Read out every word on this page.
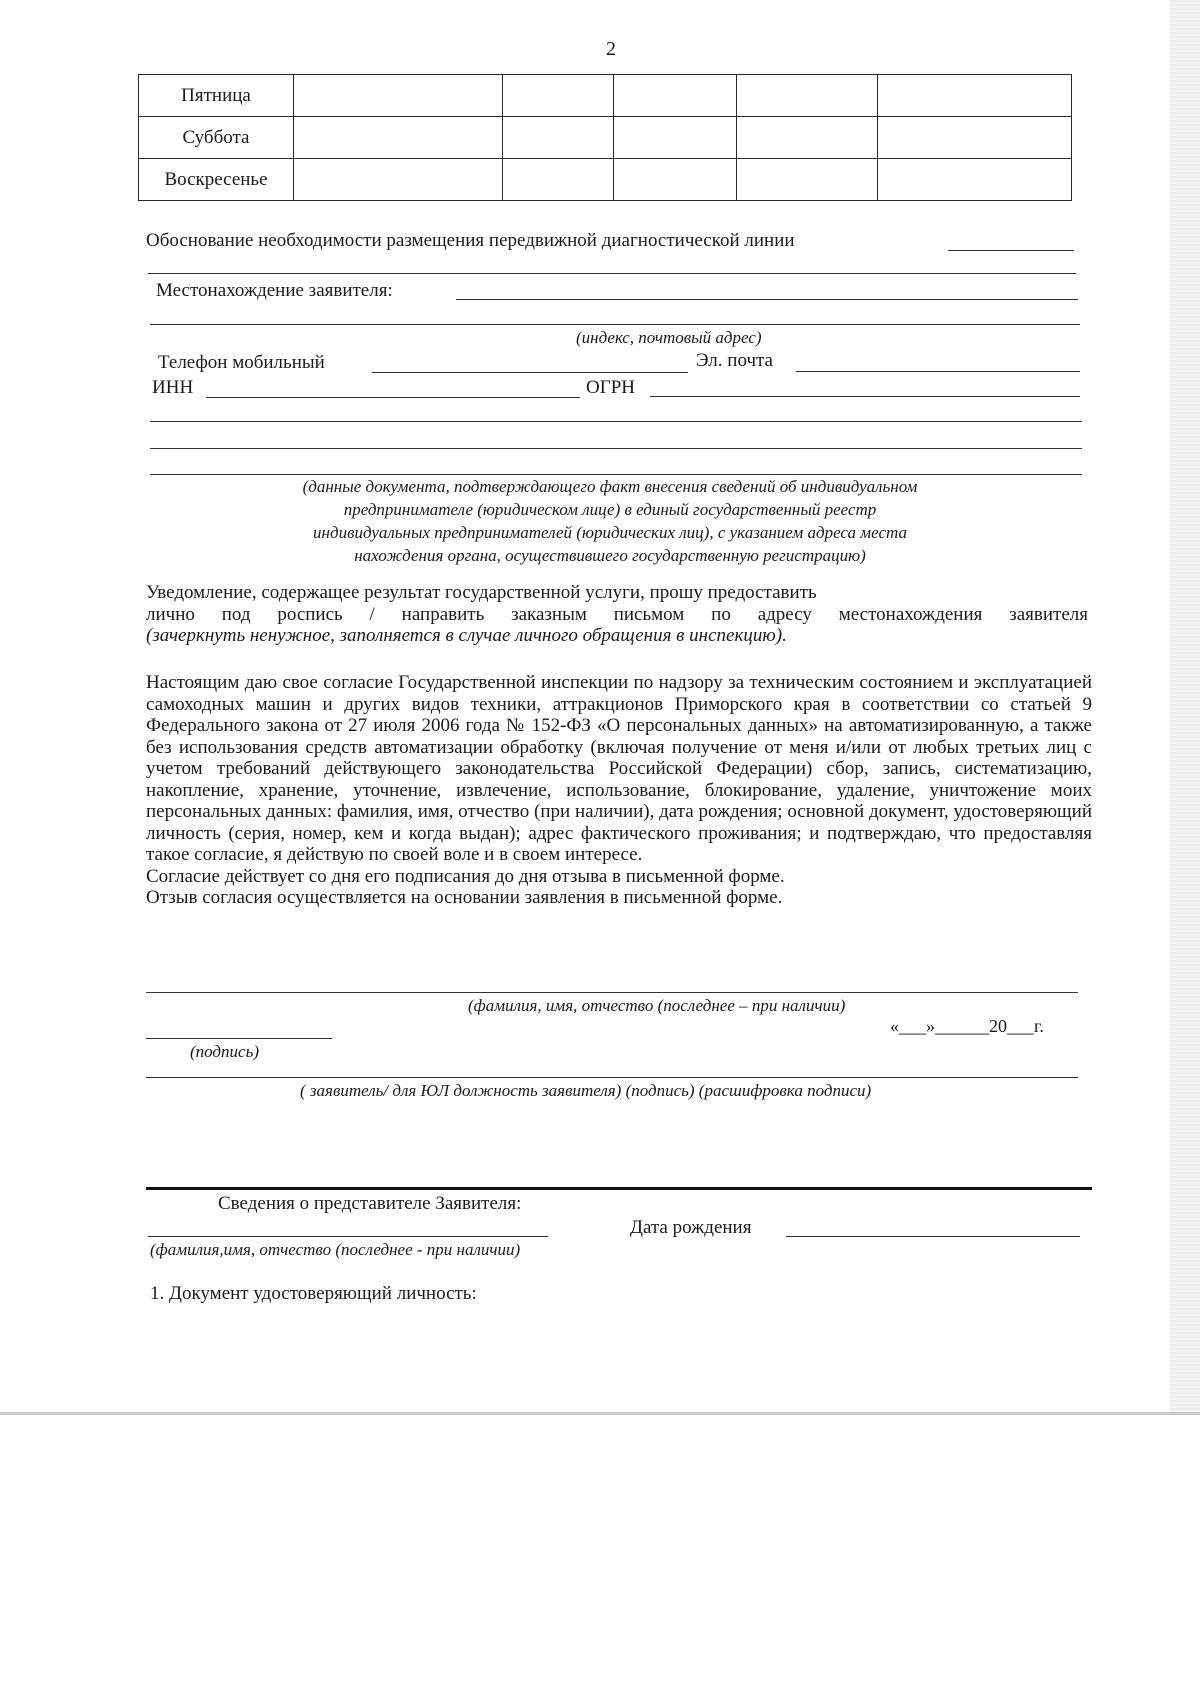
2
Пятница					
Суббота					
Воскресенье					
Обоснование необходимости размещения передвижной диагностической линии
Местонахождение заявителя:
(индекс, почтовый адрес)
Телефон мобильный	Эл. почта
ИНН	ОГРН
(данные документа, подтверждающего факт внесения сведений об индивидуальном
предпринимателе (юридическом лице) в единый государственный реестр
индивидуальных предпринимателей (юридических лиц), с указанием адреса места
нахождения органа, осуществившего государственную регистрацию)
Уведомление, содержащее результат государственной услуги, прошу предоставить
лично под роспись / направить заказным письмом по адресу местонахождения заявителя
(зачеркнуть ненужное, заполняется в случае личного обращения в инспекцию).
Настоящим даю свое согласие Государственной инспекции по надзору за техническим состоянием и эксплуатацией самоходных машин и других видов техники, аттракционов Приморского края в соответствии со статьей 9 Федерального закона от 27 июля 2006 года № 152-ФЗ «О персональных данных» на автоматизированную, а также без использования средств автоматизации обработку (включая получение от меня и/или от любых третьих лиц с учетом требований действующего законодательства Российской Федерации) сбор, запись, систематизацию, накопление, хранение, уточнение, извлечение, использование, блокирование, удаление, уничтожение моих персональных данных: фамилия, имя, отчество (при наличии), дата рождения; основной документ, удостоверяющий личность (серия, номер, кем и когда выдан); адрес фактического проживания; и подтверждаю, что предоставляя такое согласие, я действую по своей воле и в своем интересе.
Согласие действует со дня его подписания до дня отзыва в письменной форме.
Отзыв согласия осуществляется на основании заявления в письменной форме.
(фамилия, имя, отчество (последнее – при наличии)
«___»______20___г.
(подпись)
( заявитель/ для ЮЛ должность заявителя) (подпись) (расшифровка подписи)
Сведения о представителе Заявителя:
Дата рождения
(фамилия,имя, отчество (последнее - при наличии)
1. Документ удостоверяющий личность:
